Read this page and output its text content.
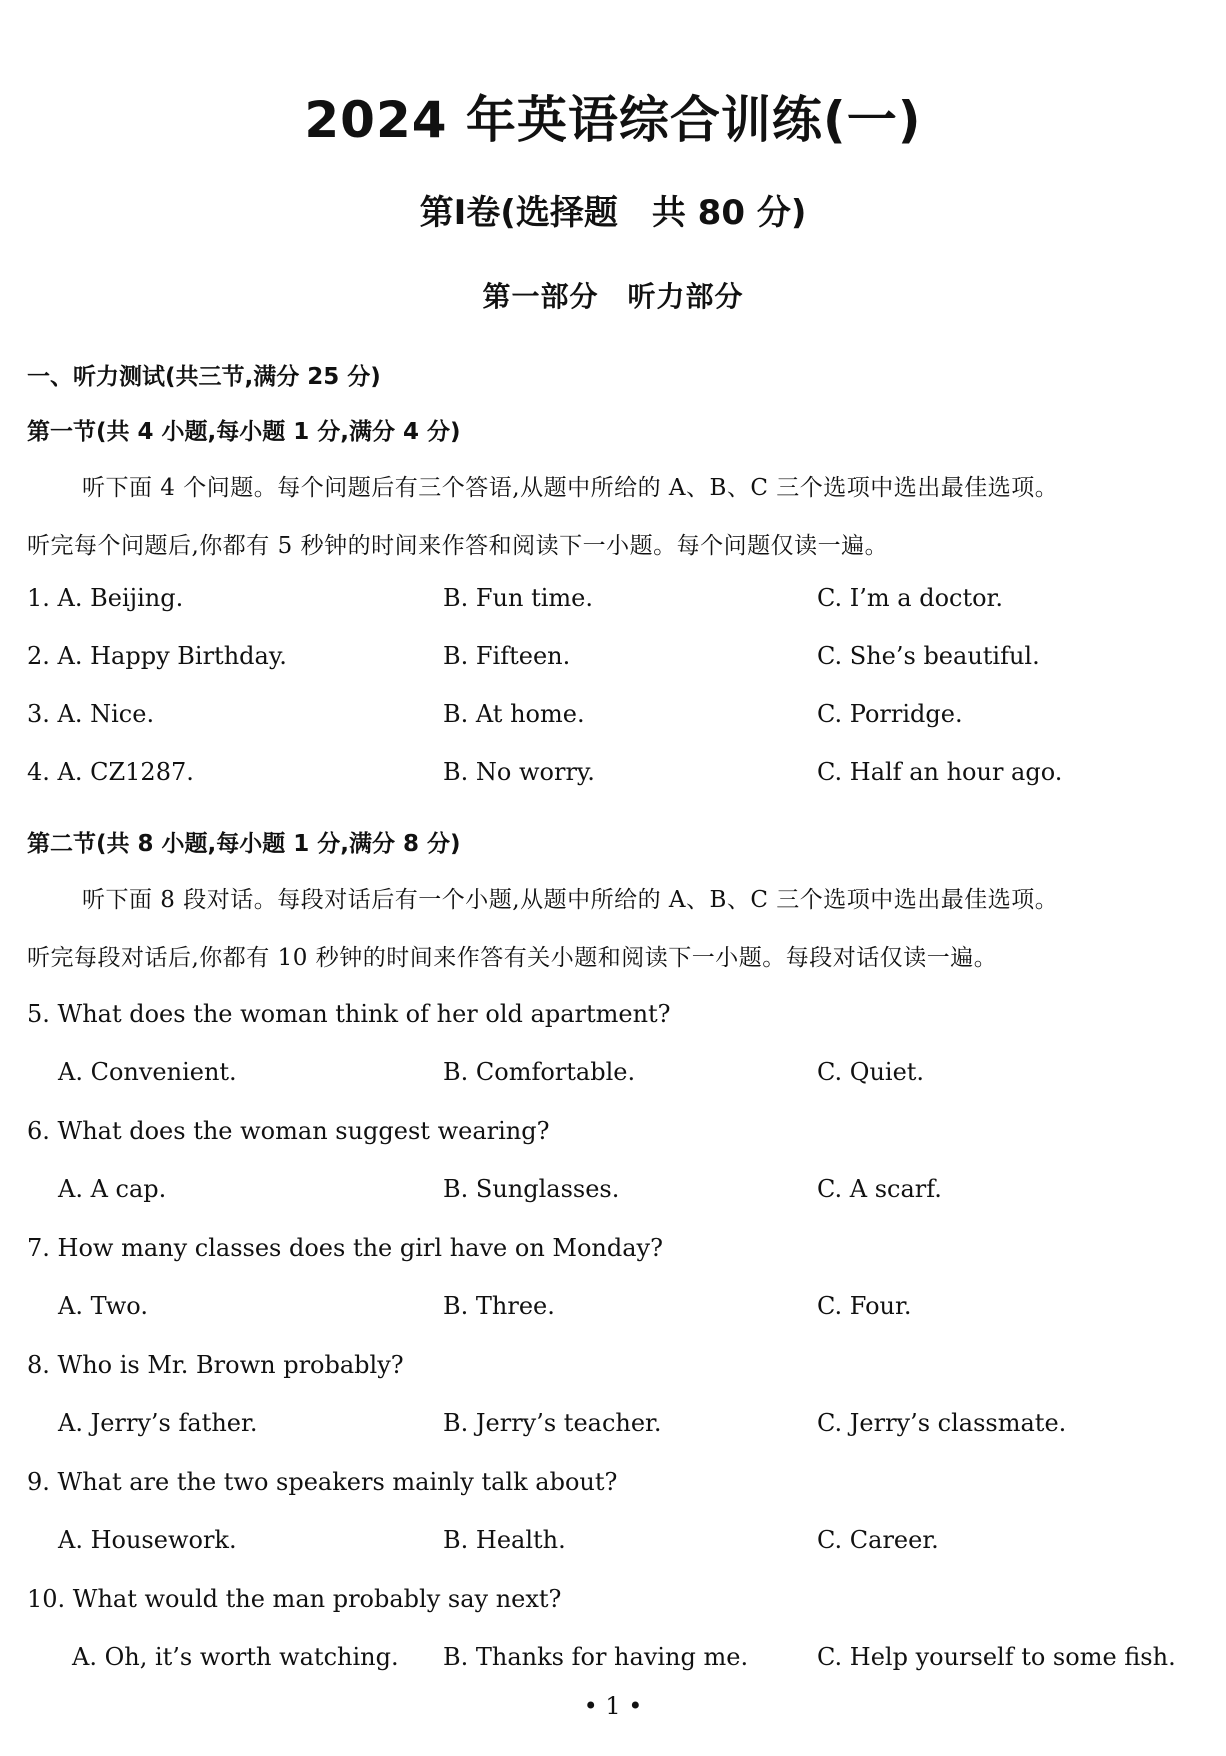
2024 年英语综合训练(一)
第Ⅰ卷(选择题　共 80 分)
第一部分　听力部分
一、听力测试(共三节,满分 25 分)
第一节(共 4 小题,每小题 1 分,满分 4 分)
听下面 4 个问题。每个问题后有三个答语,从题中所给的 A、B、C 三个选项中选出最佳选项。
听完每个问题后,你都有 5 秒钟的时间来作答和阅读下一小题。每个问题仅读一遍。
1. A. Beijing.	B. Fun time.	C. I’m a doctor.
2. A. Happy Birthday.	B. Fifteen.	C. She’s beautiful.
3. A. Nice.	B. At home.	C. Porridge.
4. A. CZ1287.	B. No worry.	C. Half an hour ago.
第二节(共 8 小题,每小题 1 分,满分 8 分)
听下面 8 段对话。每段对话后有一个小题,从题中所给的 A、B、C 三个选项中选出最佳选项。
听完每段对话后,你都有 10 秒钟的时间来作答有关小题和阅读下一小题。每段对话仅读一遍。
5. What does the woman think of her old apartment?
A. Convenient.	B. Comfortable.	C. Quiet.
6. What does the woman suggest wearing?
A. A cap.	B. Sunglasses.	C. A scarf.
7. How many classes does the girl have on Monday?
A. Two.	B. Three.	C. Four.
8. Who is Mr. Brown probably?
A. Jerry’s father.	B. Jerry’s teacher.	C. Jerry’s classmate.
9. What are the two speakers mainly talk about?
A. Housework.	B. Health.	C. Career.
10. What would the man probably say next?
A. Oh, it’s worth watching. B. Thanks for having me.	C. Help yourself to some fish.
• 1 •
